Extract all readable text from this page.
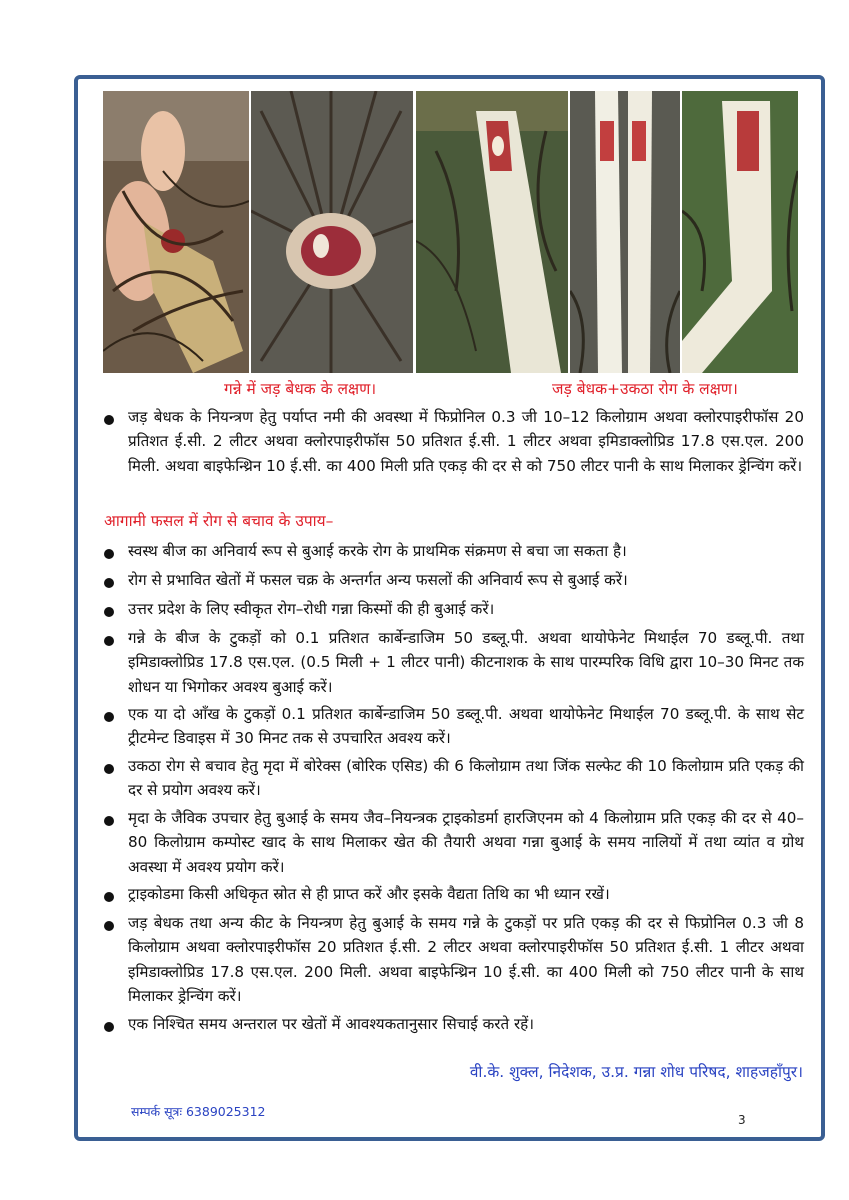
गन्ने में जड़ बेधक के लक्षण।	जड़ बेधक+उकठा रोग के लक्षण।
जड़ बेधक के नियन्त्रण हेतु पर्याप्त नमी की अवस्था में फिप्रोनिल 0.3 जी 10–12 किलोग्राम अथवा क्लोरपाइरीफॉस 20 प्रतिशत ई.सी. 2 लीटर अथवा क्लोरपाइरीफॉस 50 प्रतिशत ई.सी. 1 लीटर अथवा इमिडाक्लोप्रिड 17.8 एस.एल. 200 मिली. अथवा बाइफेन्थ्रिन 10 ई.सी. का 400 मिली प्रति एकड़ की दर से को 750 लीटर पानी के साथ मिलाकर ड्रेन्चिंग करें।
आगामी फसल में रोग से बचाव के उपाय–
स्वस्थ बीज का अनिवार्य रूप से बुआई करके रोग के प्राथमिक संक्रमण से बचा जा सकता है।
रोग से प्रभावित खेतों में फसल चक्र के अन्तर्गत अन्य फसलों की अनिवार्य रूप से बुआई करें।
उत्तर प्रदेश के लिए स्वीकृत रोग–रोधी गन्ना किस्मों की ही बुआई करें।
गन्ने के बीज के टुकड़ों को 0.1 प्रतिशत कार्बेन्डाजिम 50 डब्लू.पी. अथवा थायोफेनेट मिथाईल 70 डब्लू.पी. तथा इमिडाक्लोप्रिड 17.8 एस.एल. (0.5 मिली + 1 लीटर पानी) कीटनाशक के साथ पारम्परिक विधि द्वारा 10–30 मिनट तक शोधन या भिगोकर अवश्य बुआई करें।
एक या दो आँख के टुकड़ों 0.1 प्रतिशत कार्बेन्डाजिम 50 डब्लू.पी. अथवा थायोफेनेट मिथाईल 70 डब्लू.पी. के साथ सेट ट्रीटमेन्ट डिवाइस में 30 मिनट तक से उपचारित अवश्य करें।
उकठा रोग से बचाव हेतु मृदा में बोरेक्स (बोरिक एसिड) की 6 किलोग्राम तथा जिंक सल्फेट की 10 किलोग्राम प्रति एकड़ की दर से प्रयोग अवश्य करें।
मृदा के जैविक उपचार हेतु बुआई के समय जैव–नियन्त्रक ट्राइकोडर्मा हारजिएनम को 4 किलोग्राम प्रति एकड़ की दर से 40–80 किलोग्राम कम्पोस्ट खाद के साथ मिलाकर खेत की तैयारी अथवा गन्ना बुआई के समय नालियों में तथा व्यांत व ग्रोथ अवस्था में अवश्य प्रयोग करें।
ट्राइकोडमा किसी अधिकृत स्रोत से ही प्राप्त करें और इसके वैद्यता तिथि का भी ध्यान रखें।
जड़ बेधक तथा अन्य कीट के नियन्त्रण हेतु बुआई के समय गन्ने के टुकड़ों पर प्रति एकड़ की दर से फिप्रोनिल 0.3 जी 8 किलोग्राम अथवा क्लोरपाइरीफॉस 20 प्रतिशत ई.सी. 2 लीटर अथवा क्लोरपाइरीफॉस 50 प्रतिशत ई.सी. 1 लीटर अथवा इमिडाक्लोप्रिड 17.8 एस.एल. 200 मिली. अथवा बाइफेन्थ्रिन 10 ई.सी. का 400 मिली को 750 लीटर पानी के साथ मिलाकर ड्रेन्चिंग करें।
एक निश्चित समय अन्तराल पर खेतों में आवश्यकतानुसार सिचाई करते रहें।
वी.के. शुक्ल, निदेशक, उ.प्र. गन्ना शोध परिषद, शाहजहाँपुर।
सम्पर्क सूत्रः 6389025312
3
